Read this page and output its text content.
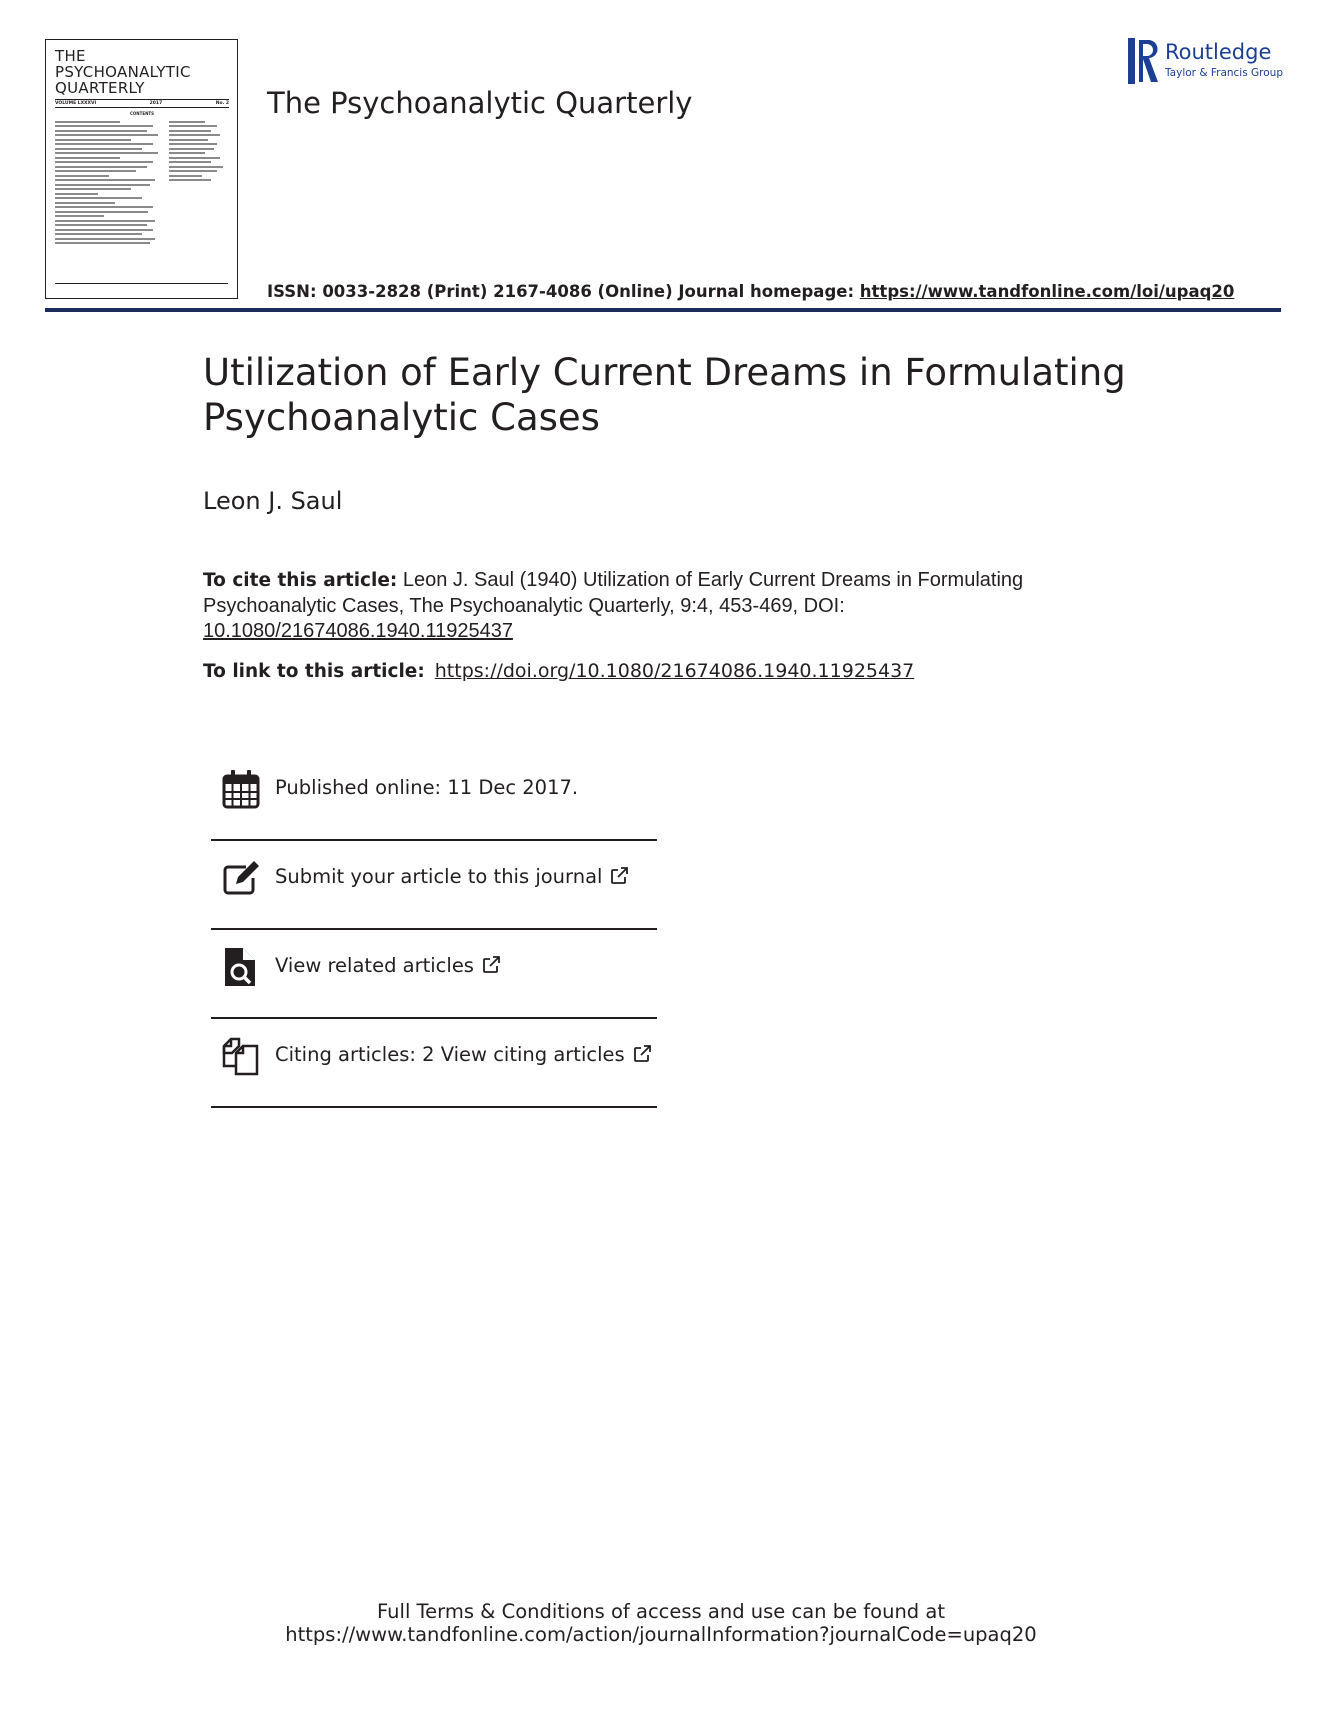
THE
PSYCHOANALYTIC
QUARTERLY
VOLUME LXXXVI	2017	No. 2
CONTENTS	The Psychoanalytic Quarterly
Routledge
Taylor & Francis Group
ISSN: 0033-2828 (Print) 2167-4086 (Online) Journal homepage: https://www.tandfonline.com/loi/upaq20
Utilization of Early Current Dreams in Formulating
Psychoanalytic Cases
Leon J. Saul
To cite this article: Leon J. Saul (1940) Utilization of Early Current Dreams in Formulating Psychoanalytic Cases, The Psychoanalytic Quarterly, 9:4, 453-469, DOI: 10.1080/21674086.1940.11925437
To link to this article: https://doi.org/10.1080/21674086.1940.11925437
Published online: 11 Dec 2017.
Submit your article to this journal
View related articles
Citing articles: 2 View citing articles
Full Terms & Conditions of access and use can be found at
https://www.tandfonline.com/action/journalInformation?journalCode=upaq20
